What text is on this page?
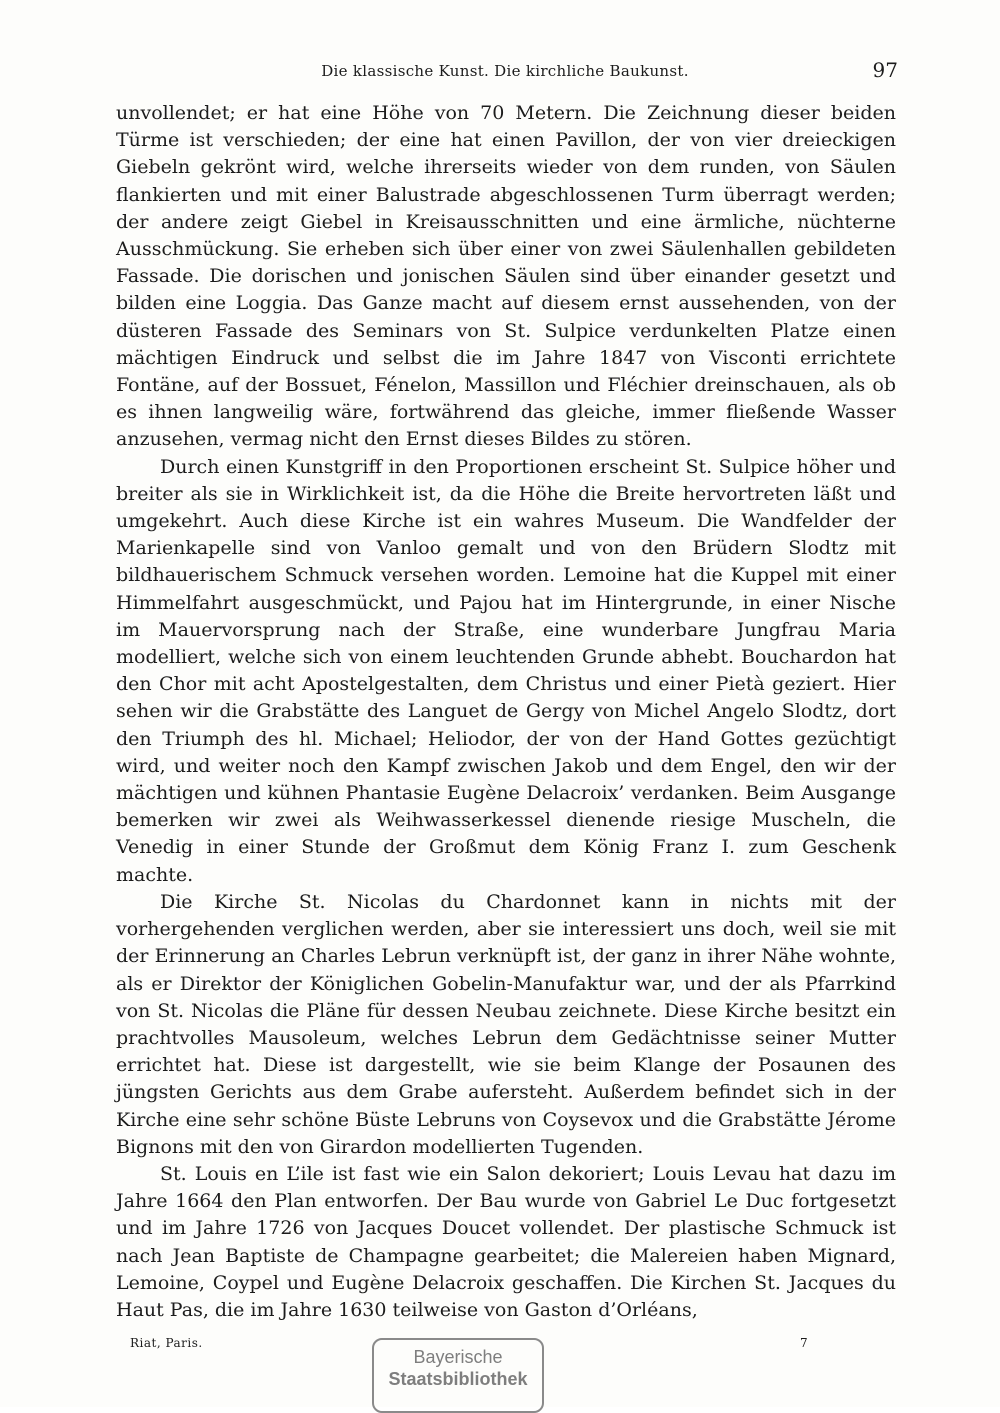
Die klassische Kunst. Die kirchliche Baukunst.	97

unvollendet; er hat eine Höhe von 70 Metern. Die Zeichnung dieser beiden Türme ist verschieden; der eine hat einen Pavillon, der von vier dreieckigen Giebeln gekrönt wird, welche ihrerseits wieder von dem runden, von Säulen flankierten und mit einer Balustrade abgeschlossenen Turm überragt werden; der andere zeigt Giebel in Kreisausschnitten und eine ärmliche, nüchterne Ausschmückung. Sie erheben sich über einer von zwei Säulenhallen gebildeten Fassade. Die dorischen und jonischen Säulen sind über einander gesetzt und bilden eine Loggia. Das Ganze macht auf diesem ernst aussehenden, von der düsteren Fassade des Seminars von St. Sulpice verdunkelten Platze einen mächtigen Eindruck und selbst die im Jahre 1847 von Visconti errichtete Fontäne, auf der Bossuet, Fénelon, Massillon und Fléchier dreinschauen, als ob es ihnen langweilig wäre, fortwährend das gleiche, immer fließende Wasser anzusehen, vermag nicht den Ernst dieses Bildes zu stören.

Durch einen Kunstgriff in den Proportionen erscheint St. Sulpice höher und breiter als sie in Wirklichkeit ist, da die Höhe die Breite hervortreten läßt und umgekehrt. Auch diese Kirche ist ein wahres Museum. Die Wandfelder der Marienkapelle sind von Vanloo gemalt und von den Brüdern Slodtz mit bildhauerischem Schmuck versehen worden. Lemoine hat die Kuppel mit einer Himmelfahrt ausgeschmückt, und Pajou hat im Hintergrunde, in einer Nische im Mauervorsprung nach der Straße, eine wunderbare Jungfrau Maria modelliert, welche sich von einem leuchtenden Grunde abhebt. Bouchardon hat den Chor mit acht Apostelgestalten, dem Christus und einer Pietà geziert. Hier sehen wir die Grabstätte des Languet de Gergy von Michel Angelo Slodtz, dort den Triumph des hl. Michael; Heliodor, der von der Hand Gottes gezüchtigt wird, und weiter noch den Kampf zwischen Jakob und dem Engel, den wir der mächtigen und kühnen Phantasie Eugène Delacroix’ verdanken. Beim Ausgange bemerken wir zwei als Weihwasserkessel dienende riesige Muscheln, die Venedig in einer Stunde der Großmut dem König Franz I. zum Geschenk machte.

Die Kirche St. Nicolas du Chardonnet kann in nichts mit der vorhergehenden verglichen werden, aber sie interessiert uns doch, weil sie mit der Erinnerung an Charles Lebrun verknüpft ist, der ganz in ihrer Nähe wohnte, als er Direktor der Königlichen Gobelin-Manufaktur war, und der als Pfarrkind von St. Nicolas die Pläne für dessen Neubau zeichnete. Diese Kirche besitzt ein prachtvolles Mausoleum, welches Lebrun dem Gedächtnisse seiner Mutter errichtet hat. Diese ist dargestellt, wie sie beim Klange der Posaunen des jüngsten Gerichts aus dem Grabe aufersteht. Außerdem befindet sich in der Kirche eine sehr schöne Büste Lebruns von Coysevox und die Grabstätte Jérome Bignons mit den von Girardon modellierten Tugenden.

St. Louis en L’ile ist fast wie ein Salon dekoriert; Louis Levau hat dazu im Jahre 1664 den Plan entworfen. Der Bau wurde von Gabriel Le Duc fortgesetzt und im Jahre 1726 von Jacques Doucet vollendet. Der plastische Schmuck ist nach Jean Baptiste de Champagne gearbeitet; die Malereien haben Mignard, Lemoine, Coypel und Eugène Delacroix geschaffen. Die Kirchen St. Jacques du Haut Pas, die im Jahre 1630 teilweise von Gaston d’Orléans,

Riat, Paris.	7
Bayerische
Staatsbibliothek
